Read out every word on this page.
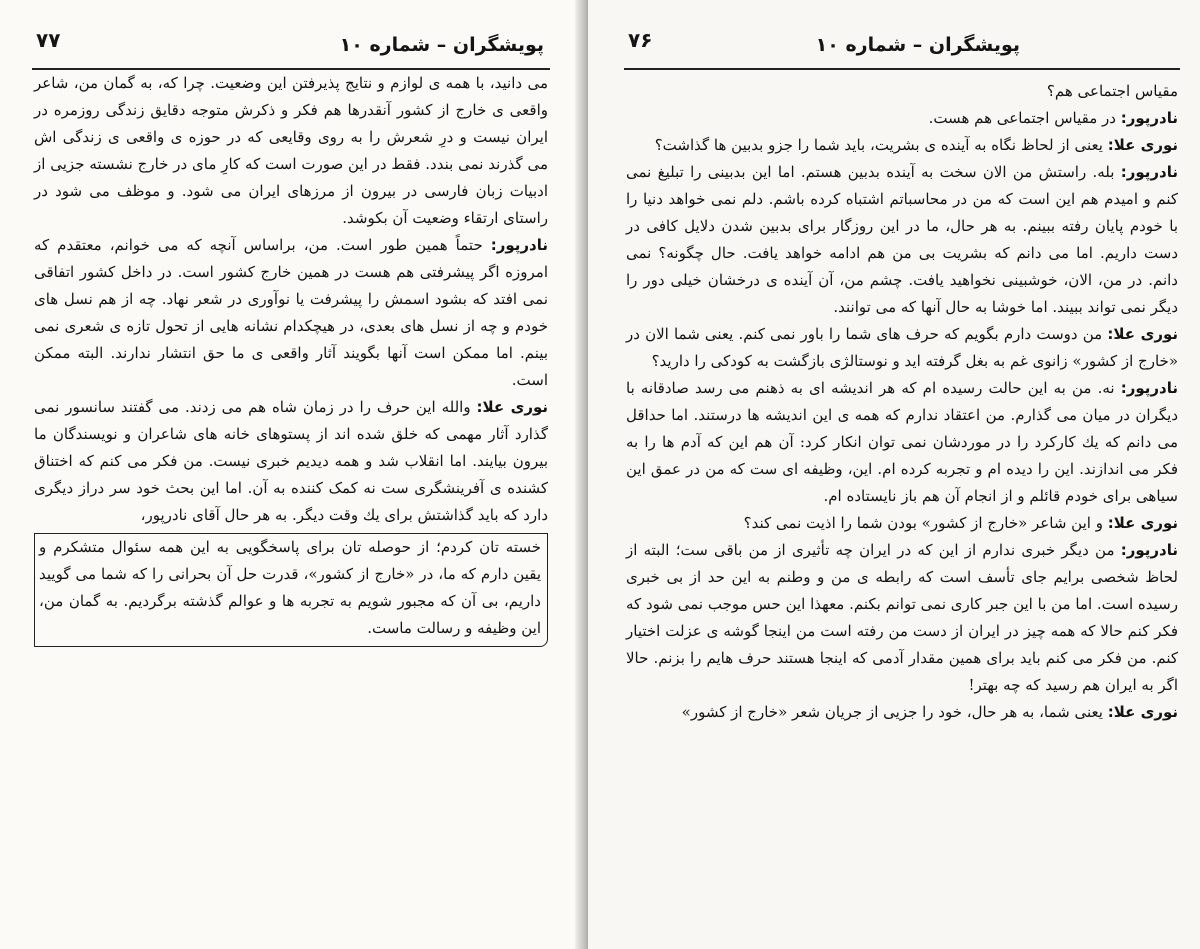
۷۷	پویشگران – شماره ۱۰

می دانید، با همه ی لوازم و نتایج پذیرفتن این وضعیت. چرا که، به گمان من، شاعر واقعی ی خارج از کشور آنقدرها هم فکر و ذکرش متوجه دقایق زندگی روزمره در ایران نیست و درِ شعرش را به روی وقایعی که در حوزه ی واقعی ی زندگی اش می گذرند نمی بندد. فقط در این صورت است که کارِ مای در خارج نشسته جزیی از ادبیات زبان فارسی در بیرون از مرزهای ایران می شود. و موظف می شود در راستای ارتقاء وضعیت آن بکوشد.

نادرپور: حتماً همین طور است. من، براساس آنچه که می خوانم، معتقدم که امروزه اگر پیشرفتی هم هست در همین خارج کشور است. در داخل کشور اتفاقی نمی افتد که بشود اسمش را پیشرفت یا نوآوری در شعر نهاد. چه از هم نسل های خودم و چه از نسل های بعدی، در هیچکدام نشانه هایی از تحول تازه ی شعری نمی بینم. اما ممکن است آنها بگویند آثار واقعی ی ما حق انتشار ندارند. البته ممکن است.

نوری علا: والله این حرف را در زمان شاه هم می زدند. می گفتند سانسور نمی گذارد آثار مهمی که خلق شده اند از پستوهای خانه های شاعران و نویسندگان ما بیرون بیایند. اما انقلاب شد و همه دیدیم خبری نیست. من فکر می کنم که اختناق کشنده ی آفرینشگری ست نه کمک کننده به آن. اما این بحث خود سر دراز دیگری دارد که باید گذاشتش برای یك وقت دیگر. به هر حال آقای نادرپور،

خسته تان کردم؛ از حوصله تان برای پاسخگویی به این همه سئوال متشکرم و یقین دارم که ما، در «خارج از کشور»، قدرت حل آن بحرانی را که شما می گویید داریم، بی آن که مجبور شویم به تجربه ها و عوالم گذشته برگردیم. به گمان من، این وظیفه و رسالت ماست.
۷۶	پویشگران – شماره ۱۰

مقیاس اجتماعی هم؟

نادرپور: در مقیاس اجتماعی هم هست.

نوری علا: یعنی از لحاظ نگاه به آینده ی بشریت، باید شما را جزو بدبین ها گذاشت؟

نادرپور: بله. راستش من الان سخت به آینده بدبین هستم. اما این بدبینی را تبلیغ نمی کنم و امیدم هم این است که من در محاسباتم اشتباه کرده باشم. دلم نمی خواهد دنیا را با خودم پایان رفته ببینم. به هر حال، ما در این روزگار برای بدبین شدن دلایل کافی در دست داریم. اما می دانم که بشریت بی من هم ادامه خواهد یافت. حال چگونه؟ نمی دانم. در من، الان، خوشبینی نخواهید یافت. چشم من، آن آینده ی درخشان خیلی دور را دیگر نمی تواند ببیند. اما خوشا به حال آنها که می توانند.

نوری علا: من دوست دارم بگویم که حرف های شما را باور نمی کنم. یعنی شما الان در «خارج از کشور» زانوی غم به بغل گرفته اید و نوستالژی بازگشت به کودکی را دارید؟

نادرپور: نه. من به این حالت رسیده ام که هر اندیشه ای به ذهنم می رسد صادقانه با دیگران در میان می گذارم. من اعتقاد ندارم که همه ی این اندیشه ها درستند. اما حداقل می دانم که یك کارکرد را در موردشان نمی توان انکار کرد: آن هم این که آدم ها را به فکر می اندازند. این را دیده ام و تجربه کرده ام. این، وظیفه ای ست که من در عمق این سیاهی برای خودم قائلم و از انجام آن هم باز نایستاده ام.

نوری علا: و این شاعر «خارج از کشور» بودن شما را اذیت نمی کند؟

نادرپور: من دیگر خبری ندارم از این که در ایران چه تأثیری از من باقی ست؛ البته از لحاظ شخصی برایم جای تأسف است که رابطه ی من و وطنم به این حد از بی خبری رسیده است. اما من با این جبر کاری نمی توانم بکنم. معهذا این حس موجب نمی شود که فکر کنم حالا که همه چیز در ایران از دست من رفته است من اینجا گوشه ی عزلت اختیار کنم. من فکر می کنم باید برای همین مقدار آدمی که اینجا هستند حرف هایم را بزنم. حالا اگر به ایران هم رسید که چه بهتر!

نوری علا: یعنی شما، به هر حال، خود را جزیی از جریان شعر «خارج از کشور»
